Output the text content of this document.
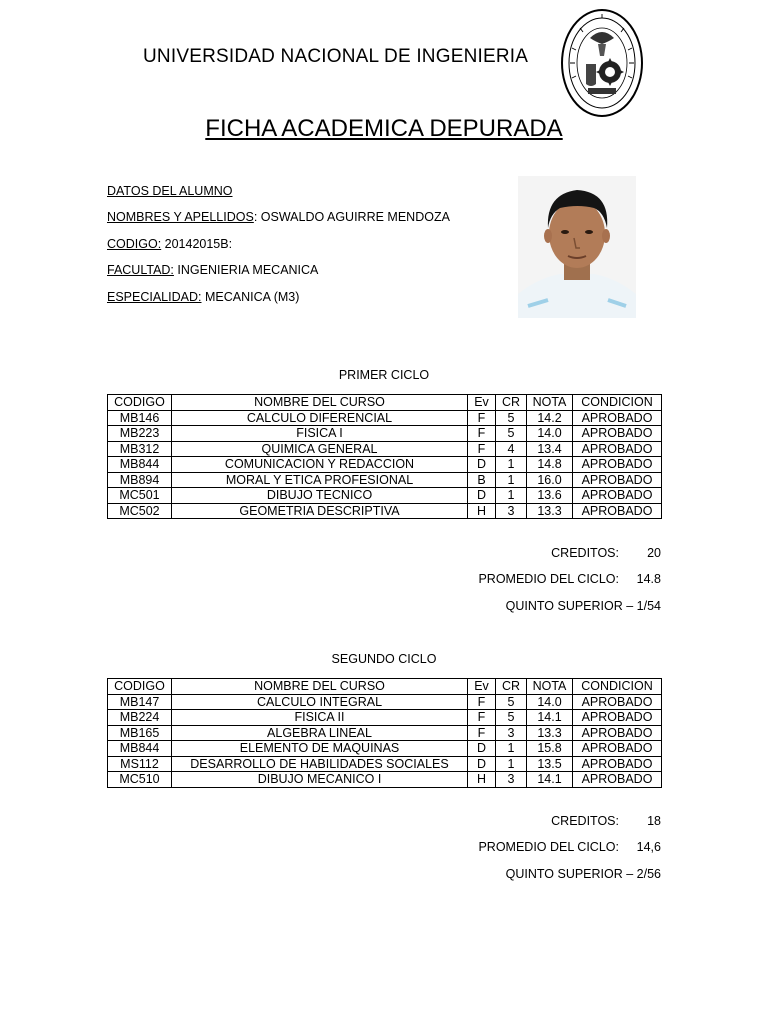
UNIVERSIDAD NACIONAL DE INGENIERIA
FICHA ACADEMICA DEPURADA
DATOS DEL ALUMNO
NOMBRES Y APELLIDOS: OSWALDO AGUIRRE MENDOZA
CODIGO: 20142015B:
FACULTAD: INGENIERIA MECANICA
ESPECIALIDAD: MECANICA (M3)
PRIMER CICLO
CODIGO	NOMBRE DEL CURSO	Ev	CR	NOTA	CONDICION
MB146	CALCULO DIFERENCIAL	F	5	14.2	APROBADO
MB223	FISICA I	F	5	14.0	APROBADO
MB312	QUIMICA GENERAL	F	4	13.4	APROBADO
MB844	COMUNICACION Y REDACCION	D	1	14.8	APROBADO
MB894	MORAL Y ETICA PROFESIONAL	B	1	16.0	APROBADO
MC501	DIBUJO TECNICO	D	1	13.6	APROBADO
MC502	GEOMETRIA DESCRIPTIVA	H	3	13.3	APROBADO
CREDITOS: 20
PROMEDIO DEL CICLO: 14.8
QUINTO SUPERIOR – 1/54
SEGUNDO CICLO
CODIGO	NOMBRE DEL CURSO	Ev	CR	NOTA	CONDICION
MB147	CALCULO INTEGRAL	F	5	14.0	APROBADO
MB224	FISICA II	F	5	14.1	APROBADO
MB165	ALGEBRA LINEAL	F	3	13.3	APROBADO
MB844	ELEMENTO DE MAQUINAS	D	1	15.8	APROBADO
MS112	DESARROLLO DE HABILIDADES SOCIALES	D	1	13.5	APROBADO
MC510	DIBUJO MECANICO I	H	3	14.1	APROBADO
CREDITOS: 18
PROMEDIO DEL CICLO: 14,6
QUINTO SUPERIOR – 2/56
